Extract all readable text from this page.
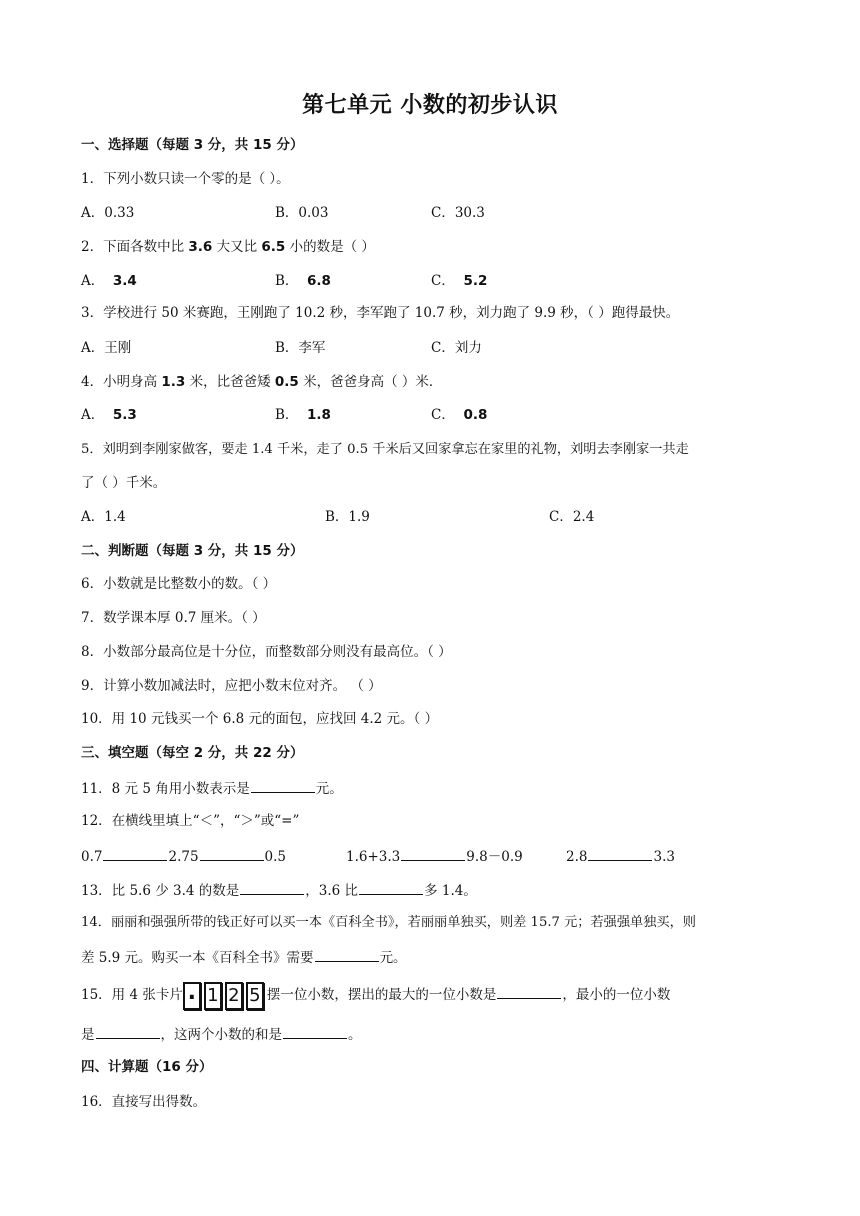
第七单元 小数的初步认识
一、选择题（每题 3 分，共 15 分）
1．下列小数只读一个零的是（ ）。
A．0.33	B．0.03	C．30.3
2．下面各数中比 3.6 大又比 6.5 小的数是（ ）
A． 3.4	B． 6.8	C． 5.2
3．学校进行 50 米赛跑，王刚跑了 10.2 秒，李军跑了 10.7 秒，刘力跑了 9.9 秒，（ ）跑得最快。
A．王刚	B．李军	C．刘力
4．小明身高 1.3 米，比爸爸矮 0.5 米，爸爸身高（ ）米．
A． 5.3	B． 1.8	C． 0.8
5．刘明到李刚家做客，要走 1.4 千米，走了 0.5 千米后又回家拿忘在家里的礼物，刘明去李刚家一共走
了（ ）千米。
A．1.4	B．1.9	C．2.4
二、判断题（每题 3 分，共 15 分）
6．小数就是比整数小的数。（ ）
7．数学课本厚 0.7 厘米。（ ）
8．小数部分最高位是十分位，而整数部分则没有最高位。（ ）
9．计算小数加减法时，应把小数末位对齐。 （ ）
10．用 10 元钱买一个 6.8 元的面包，应找回 4.2 元。（ ）
三、填空题（每空 2 分，共 22 分）
11．8 元 5 角用小数表示是	元。
12．在横线里填上“＜”，“＞”或“=”
0.7	2.75	0.5	1.6+3.3	9.8－0.9	2.8	3.3
13．比 5.6 少 3.4 的数是	，3.6 比	多 1.4。
14．丽丽和强强所带的钱正好可以买一本《百科全书》，若丽丽单独买，则差 15.7 元；若强强单独买，则
差 5.9 元。购买一本《百科全书》需要	元。
15．用 4 张卡片 . 1 2 5 摆一位小数，摆出的最大的一位小数是	，最小的一位小数
是	，这两个小数的和是	。
四、计算题（16 分）
16．直接写出得数。
